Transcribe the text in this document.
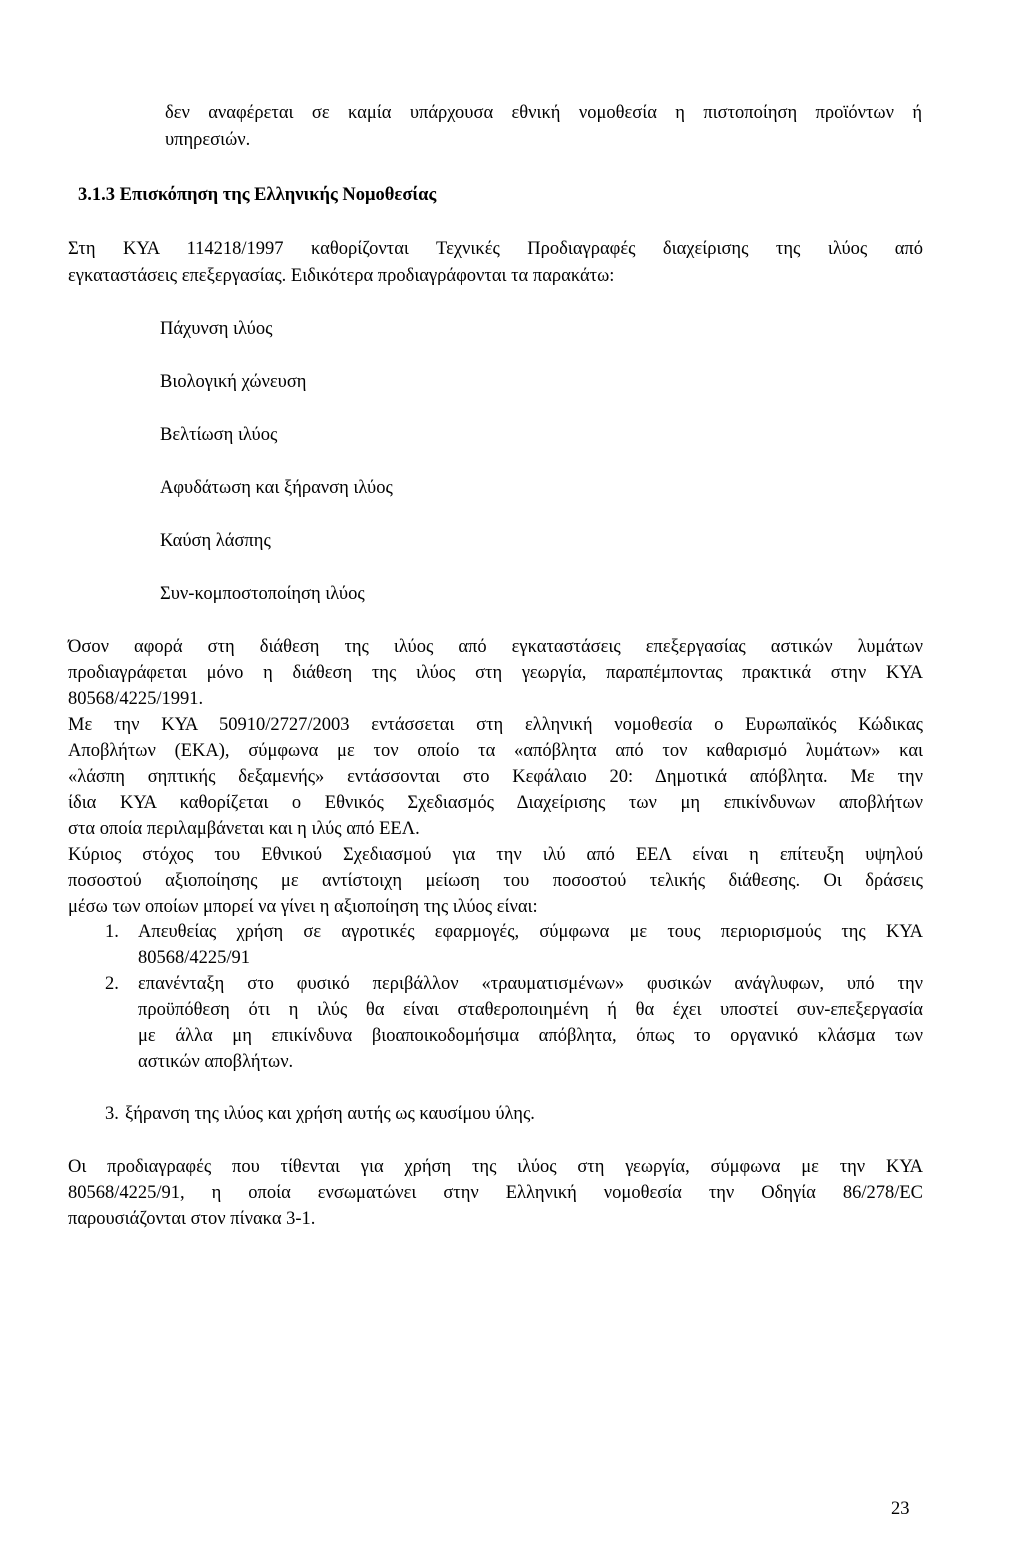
δεν αναφέρεται σε καμία υπάρχουσα εθνική νομοθεσία η πιστοποίηση προϊόντων ή
υπηρεσιών.
3.1.3 Επισκόπηση της Ελληνικής Νομοθεσίας
Στη ΚΥΑ 114218/1997 καθορίζονται Τεχνικές Προδιαγραφές διαχείρισης της ιλύος από
εγκαταστάσεις επεξεργασίας. Ειδικότερα προδιαγράφονται τα παρακάτω:
Πάχυνση ιλύος
Βιολογική χώνευση
Βελτίωση ιλύος
Αφυδάτωση και ξήρανση ιλύος
Καύση λάσπης
Συν-κομποστοποίηση ιλύος
Όσον αφορά στη διάθεση της ιλύος από εγκαταστάσεις επεξεργασίας αστικών λυμάτων
προδιαγράφεται μόνο η διάθεση της ιλύος στη γεωργία, παραπέμποντας πρακτικά στην ΚΥΑ
80568/4225/1991.
Με την ΚΥΑ 50910/2727/2003 εντάσσεται στη ελληνική νομοθεσία ο Ευρωπαϊκός Κώδικας
Αποβλήτων (ΕΚΑ), σύμφωνα με τον οποίο τα «απόβλητα από τον καθαρισμό λυμάτων» και
«λάσπη σηπτικής δεξαμενής» εντάσσονται στο Κεφάλαιο 20: Δημοτικά απόβλητα. Με την
ίδια ΚΥΑ καθορίζεται ο Εθνικός Σχεδιασμός Διαχείρισης των μη επικίνδυνων αποβλήτων
στα οποία περιλαμβάνεται και η ιλύς από ΕΕΛ.
Κύριος στόχος του Εθνικού Σχεδιασμού για την ιλύ από ΕΕΛ είναι η επίτευξη υψηλού
ποσοστού αξιοποίησης με αντίστοιχη μείωση του ποσοστού τελικής διάθεσης. Οι δράσεις
μέσω των οποίων μπορεί να γίνει η αξιοποίηση της ιλύος είναι:
1. Απευθείας χρήση σε αγροτικές εφαρμογές, σύμφωνα με τους περιορισμούς της ΚΥΑ
80568/4225/91
2. επανένταξη στο φυσικό περιβάλλον «τραυματισμένων» φυσικών ανάγλυφων, υπό την
προϋπόθεση ότι η ιλύς θα είναι σταθεροποιημένη ή θα έχει υποστεί συν-επεξεργασία
με άλλα μη επικίνδυνα βιοαποικοδομήσιμα απόβλητα, όπως το οργανικό κλάσμα των
αστικών αποβλήτων.
3. ξήρανση της ιλύος και χρήση αυτής ως καυσίμου ύλης.
Οι προδιαγραφές που τίθενται για χρήση της ιλύος στη γεωργία, σύμφωνα με την ΚΥΑ
80568/4225/91, η οποία ενσωματώνει στην Ελληνική νομοθεσία την Οδηγία 86/278/ΕC
παρουσιάζονται στον πίνακα 3-1.
23
